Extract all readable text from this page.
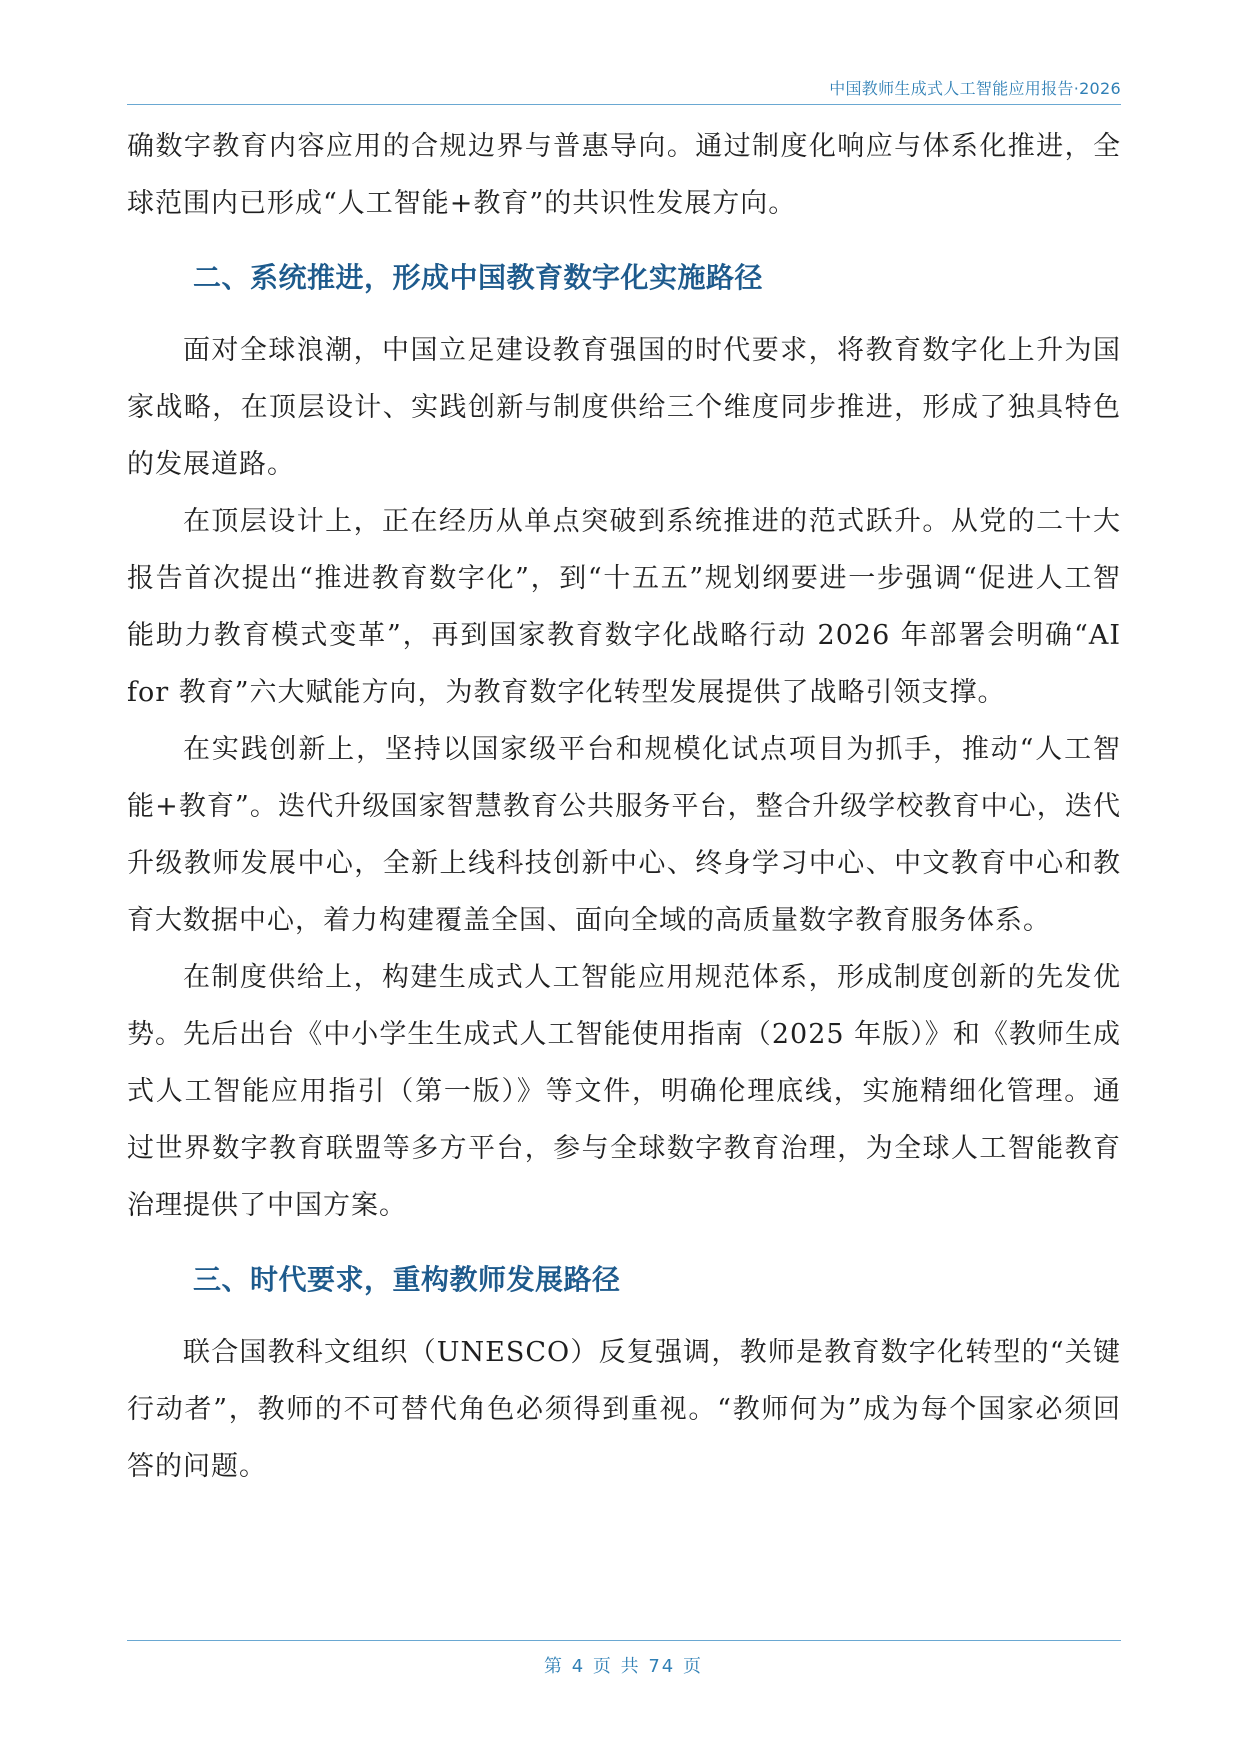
中国教师生成式人工智能应用报告·2026

确数字教育内容应用的合规边界与普惠导向。通过制度化响应与体系化推进，全球范围内已形成“人工智能+教育”的共识性发展方向。

二、系统推进，形成中国教育数字化实施路径

面对全球浪潮，中国立足建设教育强国的时代要求，将教育数字化上升为国家战略，在顶层设计、实践创新与制度供给三个维度同步推进，形成了独具特色的发展道路。

在顶层设计上，正在经历从单点突破到系统推进的范式跃升。从党的二十大报告首次提出“推进教育数字化”，到“十五五”规划纲要进一步强调“促进人工智能助力教育模式变革”，再到国家教育数字化战略行动 2026 年部署会明确“AI for 教育”六大赋能方向，为教育数字化转型发展提供了战略引领支撑。

在实践创新上，坚持以国家级平台和规模化试点项目为抓手，推动“人工智能+教育”。迭代升级国家智慧教育公共服务平台，整合升级学校教育中心，迭代升级教师发展中心，全新上线科技创新中心、终身学习中心、中文教育中心和教育大数据中心，着力构建覆盖全国、面向全域的高质量数字教育服务体系。

在制度供给上，构建生成式人工智能应用规范体系，形成制度创新的先发优势。先后出台《中小学生生成式人工智能使用指南（2025 年版）》和《教师生成式人工智能应用指引（第一版）》等文件，明确伦理底线，实施精细化管理。通过世界数字教育联盟等多方平台，参与全球数字教育治理，为全球人工智能教育治理提供了中国方案。

三、时代要求，重构教师发展路径

联合国教科文组织（UNESCO）反复强调，教师是教育数字化转型的“关键行动者”，教师的不可替代角色必须得到重视。“教师何为”成为每个国家必须回答的问题。

第 4 页 共 74 页
